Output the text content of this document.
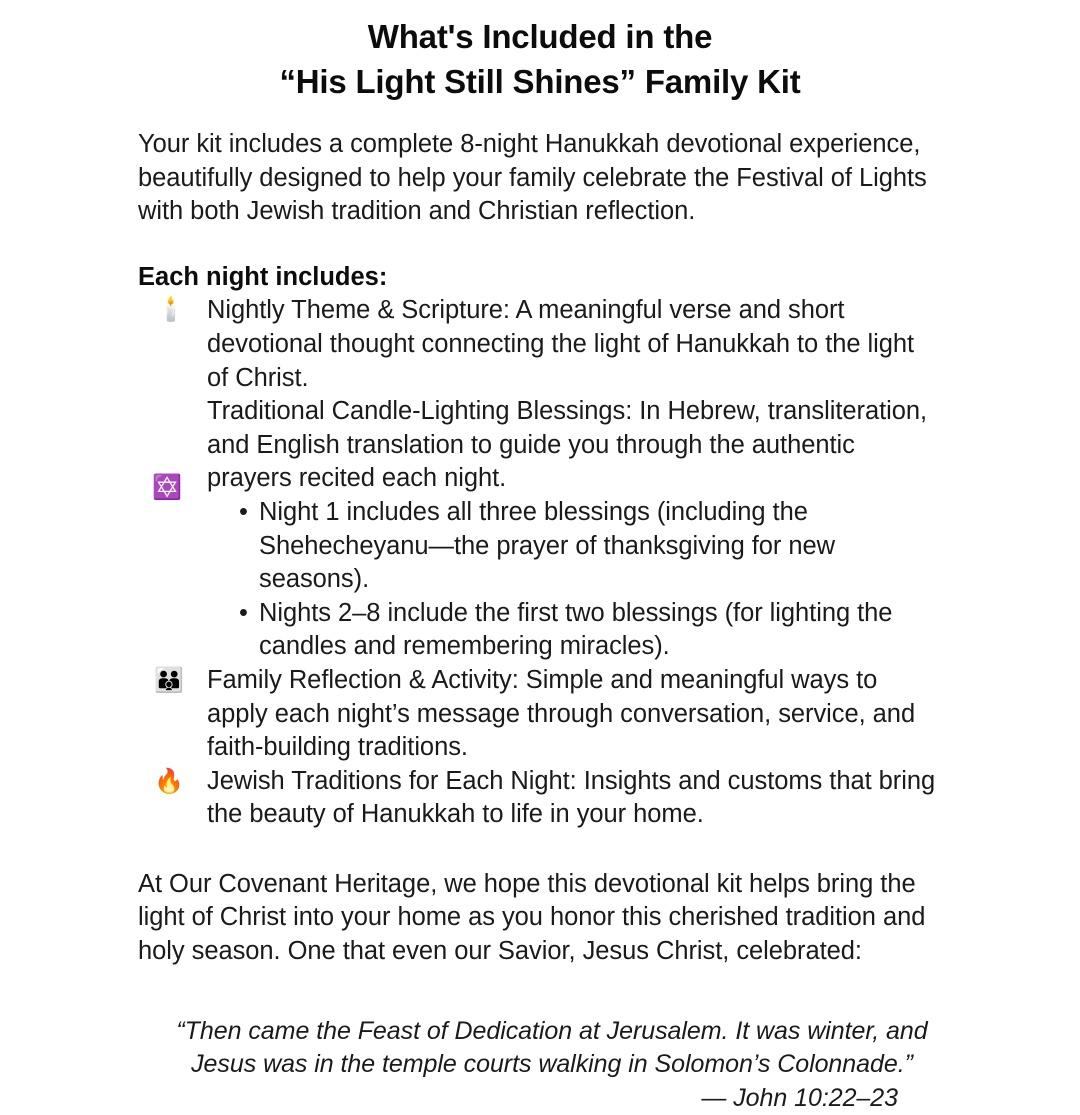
What's Included in the
“His Light Still Shines” Family Kit

Your kit includes a complete 8-night Hanukkah devotional experience, beautifully designed to help your family celebrate the Festival of Lights with both Jewish tradition and Christian reflection.

Each night includes:

🕯️ Nightly Theme & Scripture: A meaningful verse and short devotional thought connecting the light of Hanukkah to the light of Christ.
✡️
Traditional Candle-Lighting Blessings: In Hebrew, transliteration, and English translation to guide you through the authentic prayers recited each night.
• Night 1 includes all three blessings (including the Shehecheyanu—the prayer of thanksgiving for new seasons).
• Nights 2–8 include the first two blessings (for lighting the candles and remembering miracles).
👪 Family Reflection & Activity: Simple and meaningful ways to apply each night’s message through conversation, service, and faith-building traditions.
🔥 Jewish Traditions for Each Night: Insights and customs that bring the beauty of Hanukkah to life in your home.

At Our Covenant Heritage, we hope this devotional kit helps bring the light of Christ into your home as you honor this cherished tradition and holy season. One that even our Savior, Jesus Christ, celebrated:

“Then came the Feast of Dedication at Jerusalem. It was winter, and Jesus was in the temple courts walking in Solomon’s Colonnade.”

— John 10:22–23
